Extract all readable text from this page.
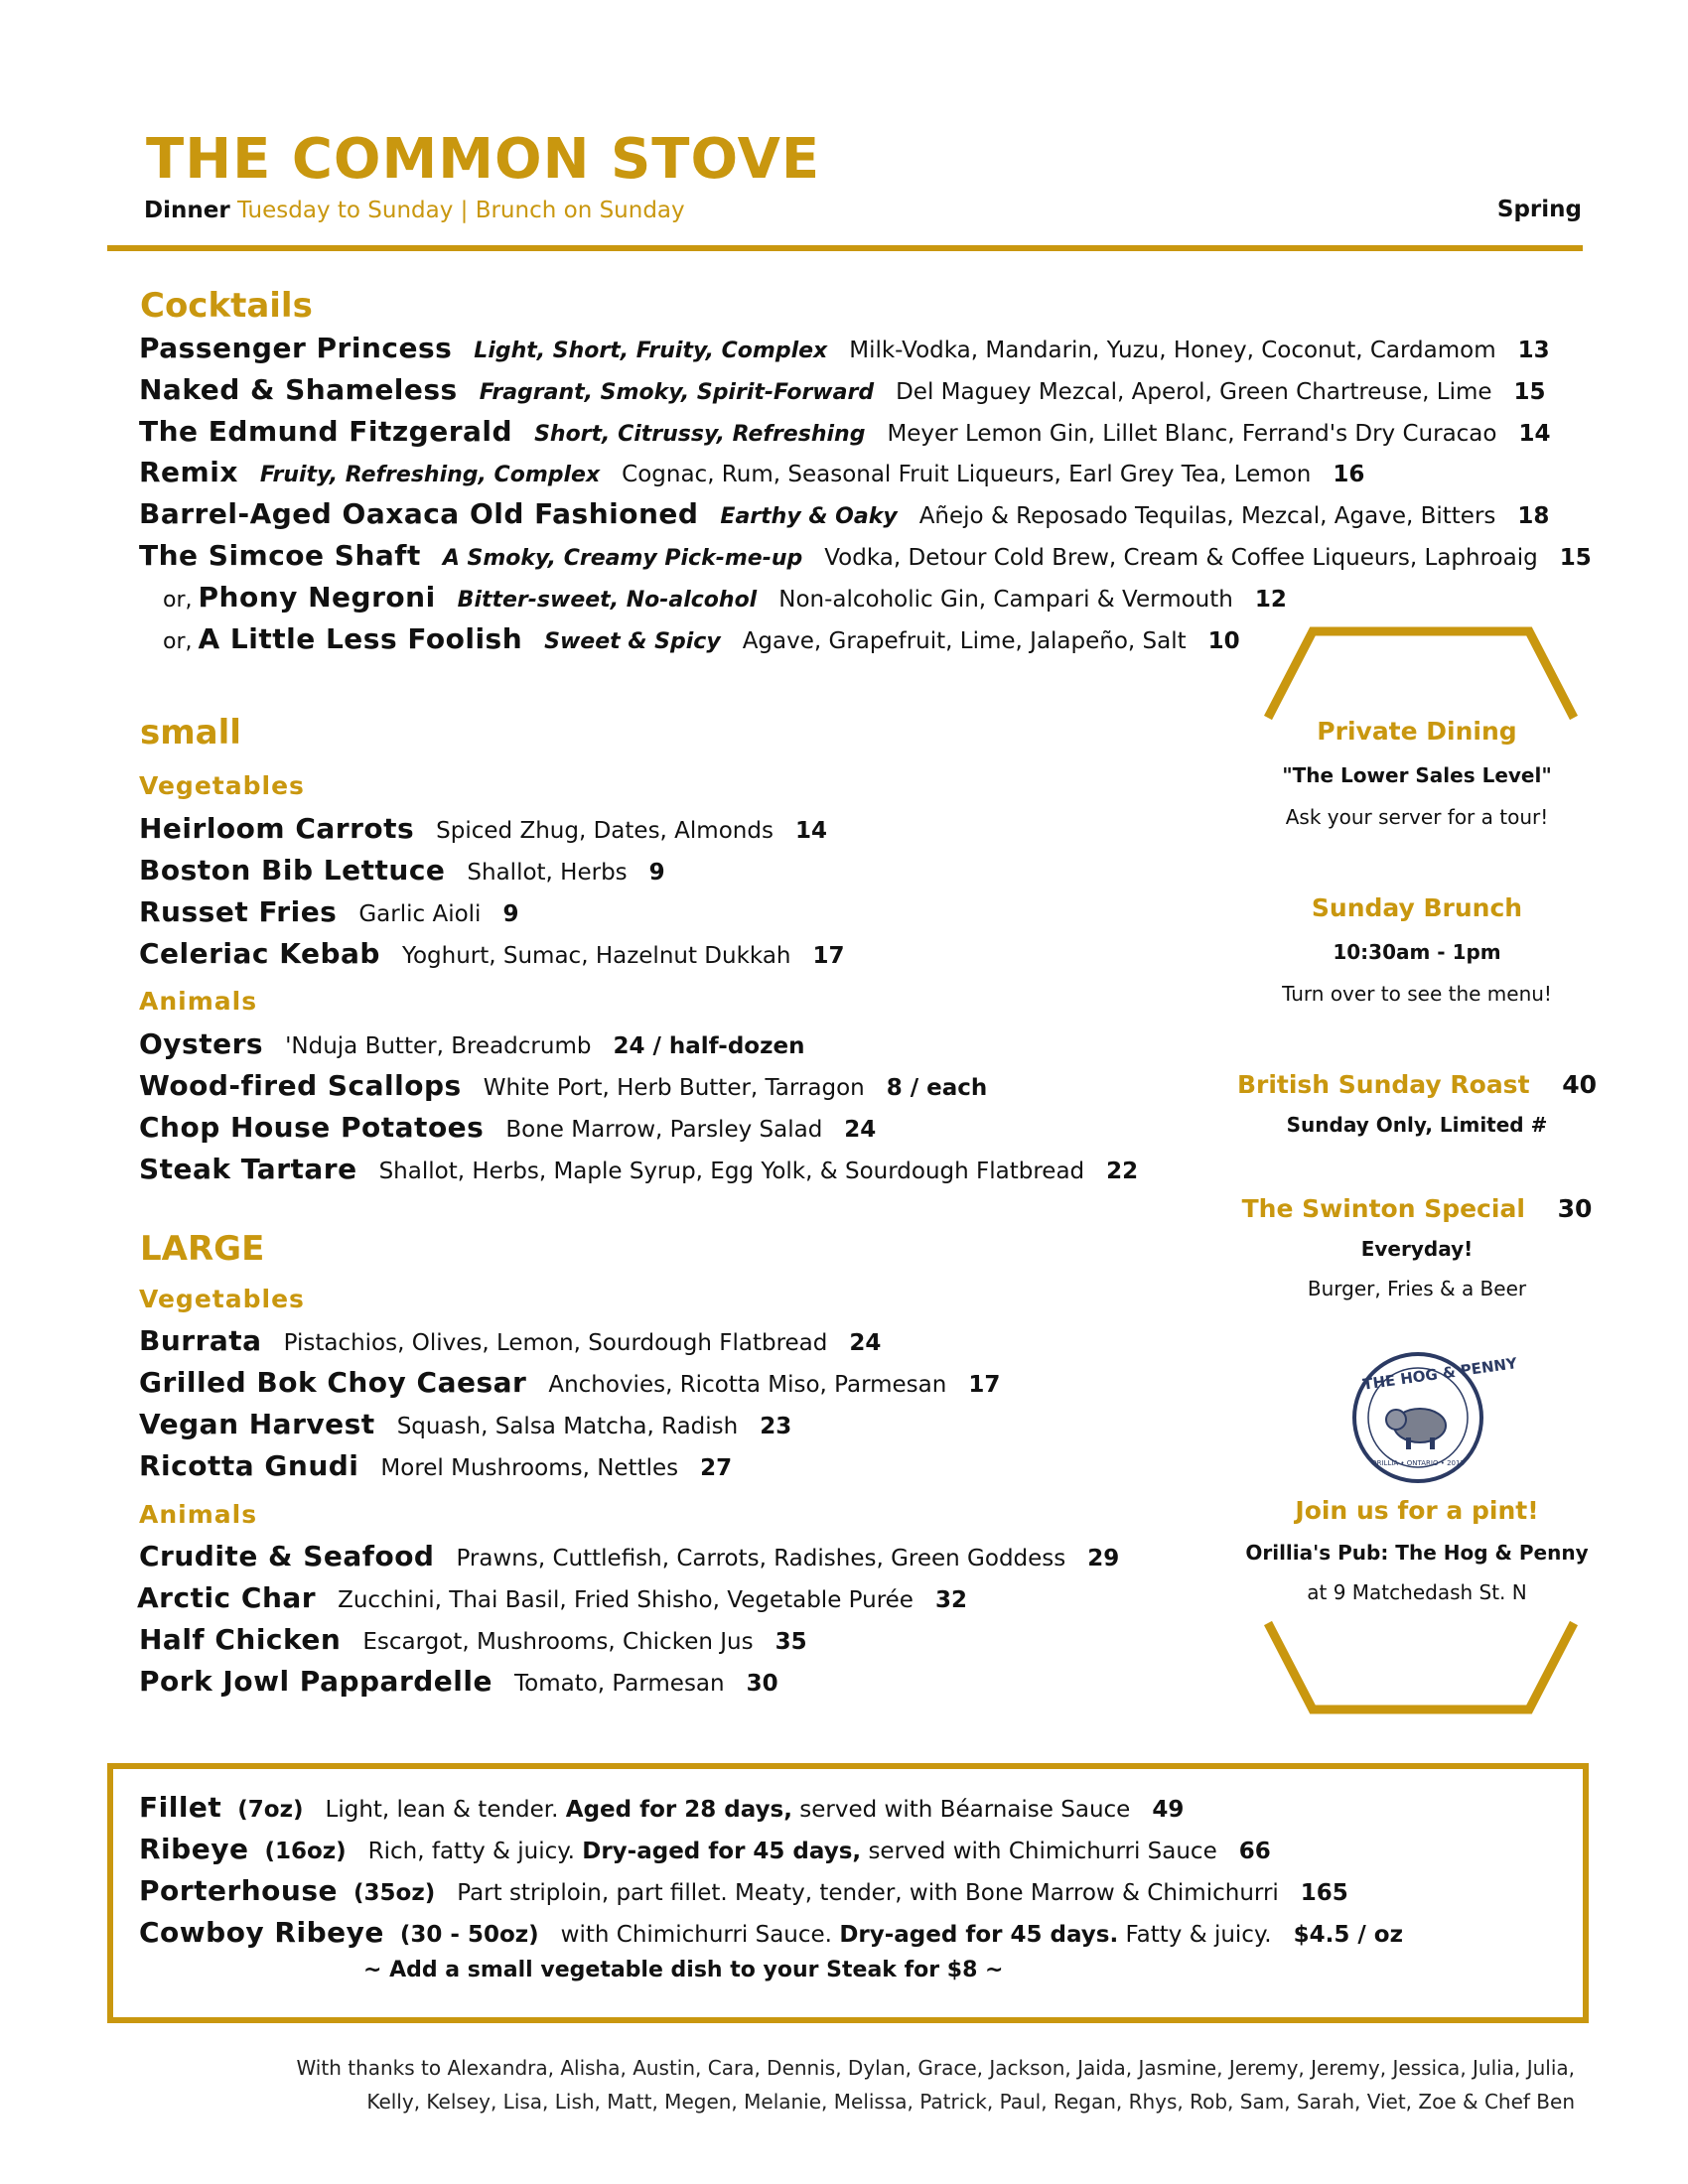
THE COMMON STOVE
Dinner Tuesday to Sunday | Brunch on Sunday	Spring
Cocktails
Passenger Princess Light, Short, Fruity, Complex Milk-Vodka, Mandarin, Yuzu, Honey, Coconut, Cardamom 13
Naked & Shameless Fragrant, Smoky, Spirit-Forward Del Maguey Mezcal, Aperol, Green Chartreuse, Lime 15
The Edmund Fitzgerald Short, Citrussy, Refreshing Meyer Lemon Gin, Lillet Blanc, Ferrand's Dry Curacao 14
Remix Fruity, Refreshing, Complex Cognac, Rum, Seasonal Fruit Liqueurs, Earl Grey Tea, Lemon 16
Barrel-Aged Oaxaca Old Fashioned Earthy & Oaky Añejo & Reposado Tequilas, Mezcal, Agave, Bitters 18
The Simcoe Shaft A Smoky, Creamy Pick-me-up Vodka, Detour Cold Brew, Cream & Coffee Liqueurs, Laphroaig 15
or, Phony Negroni Bitter-sweet, No-alcohol Non-alcoholic Gin, Campari & Vermouth 12
or, A Little Less Foolish Sweet & Spicy Agave, Grapefruit, Lime, Jalapeño, Salt 10
small
Vegetables
Heirloom Carrots Spiced Zhug, Dates, Almonds 14
Boston Bib Lettuce Shallot, Herbs 9
Russet Fries Garlic Aioli 9
Celeriac Kebab Yoghurt, Sumac, Hazelnut Dukkah 17
Animals
Oysters 'Nduja Butter, Breadcrumb 24 / half-dozen
Wood-fired Scallops White Port, Herb Butter, Tarragon 8 / each
Chop House Potatoes Bone Marrow, Parsley Salad 24
Steak Tartare Shallot, Herbs, Maple Syrup, Egg Yolk, & Sourdough Flatbread 22
LARGE
Vegetables
Burrata Pistachios, Olives, Lemon, Sourdough Flatbread 24
Grilled Bok Choy Caesar Anchovies, Ricotta Miso, Parmesan 17
Vegan Harvest Squash, Salsa Matcha, Radish 23
Ricotta Gnudi Morel Mushrooms, Nettles 27
Animals
Crudite & Seafood Prawns, Cuttlefish, Carrots, Radishes, Green Goddess 29
Arctic Char Zucchini, Thai Basil, Fried Shisho, Vegetable Purée 32
Half Chicken Escargot, Mushrooms, Chicken Jus 35
Pork Jowl Pappardelle Tomato, Parmesan 30
Private Dining
"The Lower Sales Level"
Ask your server for a tour!
Sunday Brunch
10:30am - 1pm
Turn over to see the menu!
British Sunday Roast 40
Sunday Only, Limited #
The Swinton Special 30
Everyday!
Burger, Fries & a Beer
THE HOG & PENNY
ORILLIA • ONTARIO • 2013
Join us for a pint!
Orillia's Pub: The Hog & Penny
at 9 Matchedash St. N
Fillet (7oz) Light, lean & tender. Aged for 28 days, served with Béarnaise Sauce 49
Ribeye (16oz) Rich, fatty & juicy. Dry-aged for 45 days, served with Chimichurri Sauce 66
Porterhouse (35oz) Part striploin, part fillet. Meaty, tender, with Bone Marrow & Chimichurri 165
Cowboy Ribeye (30 - 50oz) with Chimichurri Sauce. Dry-aged for 45 days. Fatty & juicy. $4.5 / oz
~ Add a small vegetable dish to your Steak for $8 ~
With thanks to Alexandra, Alisha, Austin, Cara, Dennis, Dylan, Grace, Jackson, Jaida, Jasmine, Jeremy, Jeremy, Jessica, Julia, Julia,
Kelly, Kelsey, Lisa, Lish, Matt, Megen, Melanie, Melissa, Patrick, Paul, Regan, Rhys, Rob, Sam, Sarah, Viet, Zoe & Chef Ben
